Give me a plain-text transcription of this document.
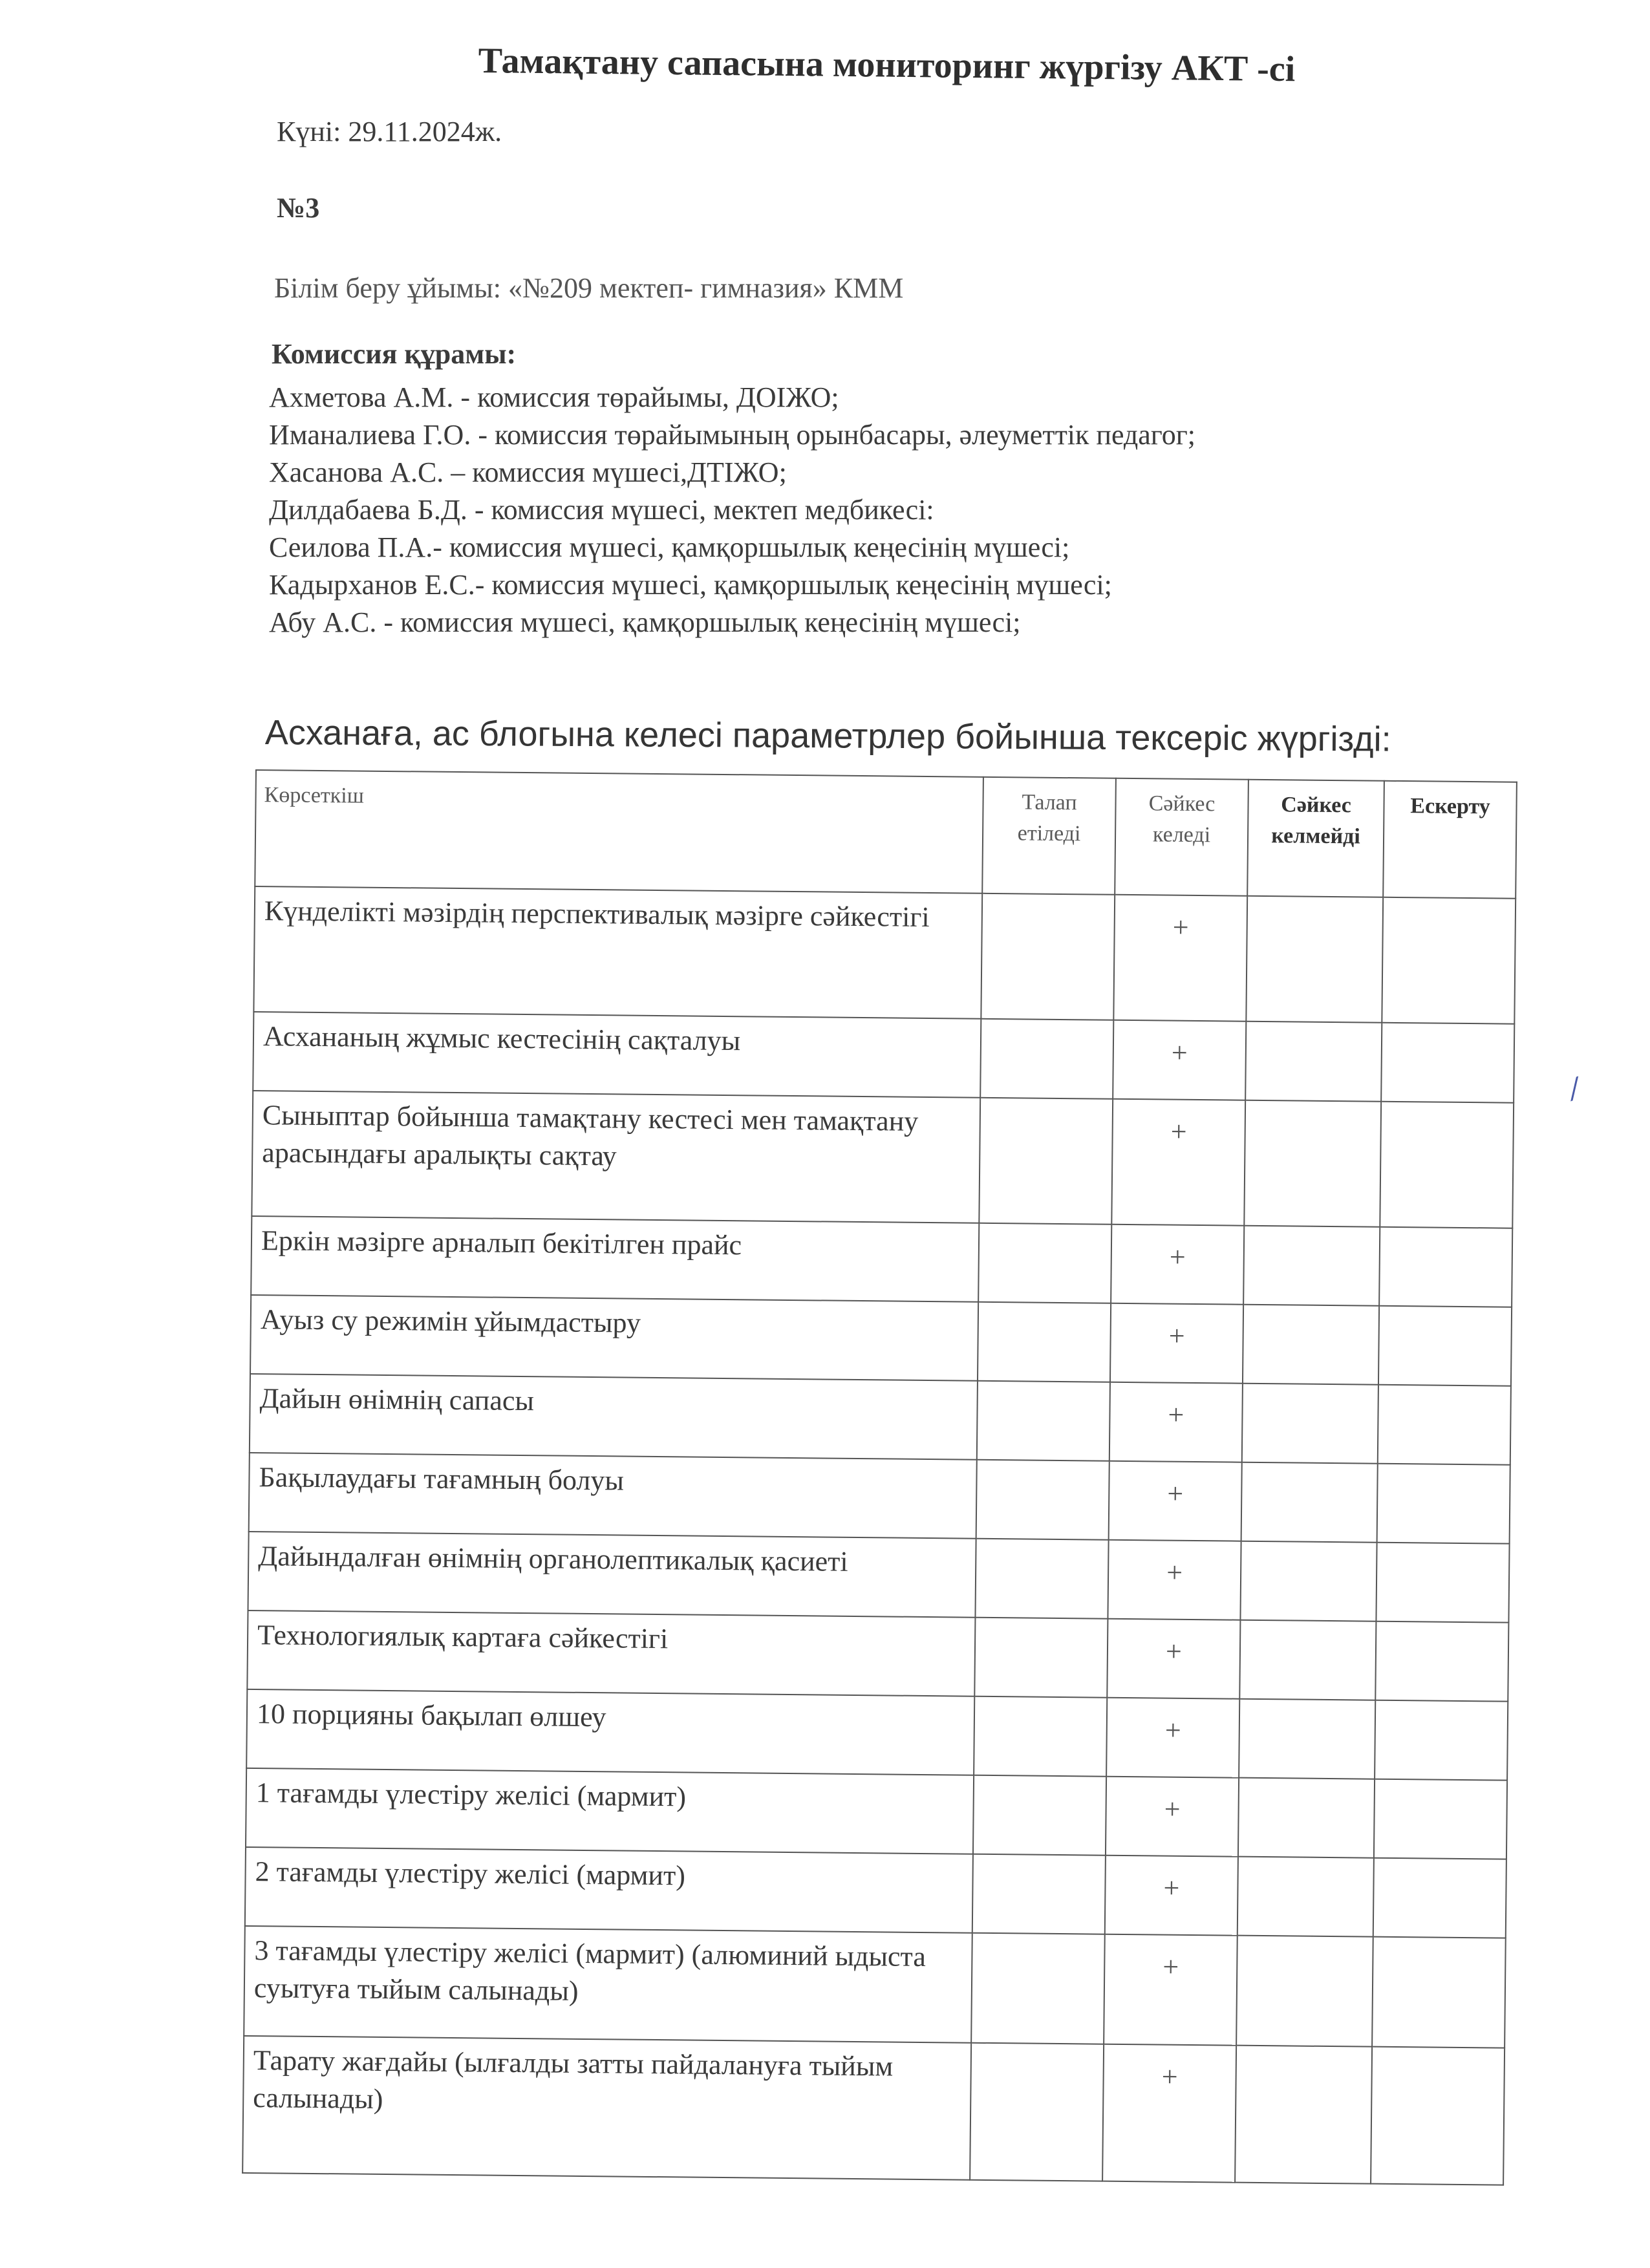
Тамақтану сапасына мониторинг жүргізу АКТ -сі
Күні: 29.11.2024ж.
№3
Білім беру ұйымы: «№209 мектеп- гимназия» КММ
Комиссия құрамы:
Ахметова А.М. - комиссия төрайымы, ДОІЖО;
Иманалиева Г.О. - комиссия төрайымының орынбасары, әлеуметтік педагог;
Хасанова А.С. – комиссия мүшесі,ДТІЖО;
Дилдабаева Б.Д. - комиссия мүшесі, мектеп медбикесі:
Сеилова П.А.- комиссия мүшесі, қамқоршылық кеңесінің мүшесі;
Кадырханов Е.С.- комиссия мүшесі, қамқоршылық кеңесінің мүшесі;
Абу А.С. - комиссия мүшесі, қамқоршылық кеңесінің мүшесі;
Асханаға, ас блогына келесі параметрлер бойынша тексеріс жүргізді:
Көрсеткіш	Талап етіледі	Сәйкес келеді	Сәйкес келмейді	Ескерту
Күнделікті мәзірдің перспективалық мәзірге сәйкестігі		+		
Асхананың жұмыс кестесінің сақталуы		+		
Сыныптар бойынша тамақтану кестесі мен тамақтану арасындағы аралықты сақтау		+		
Еркін мәзірге арналып бекітілген прайс		+		
Ауыз су режимін ұйымдастыру		+		
Дайын өнімнің сапасы		+		
Бақылаудағы тағамның болуы		+		
Дайындалған өнімнің органолептикалық қасиеті		+		
Технологиялық картаға сәйкестігі		+		
10 порцияны бақылап өлшеу		+		
1 тағамды үлестіру желісі (мармит)		+		
2 тағамды үлестіру желісі (мармит)		+		
3 тағамды үлестіру желісі (мармит) (алюминий ыдыста суытуға тыйым салынады)		+		
Тарату жағдайы (ылғалды затты пайдалануға тыйым салынады)		+		
⁄
